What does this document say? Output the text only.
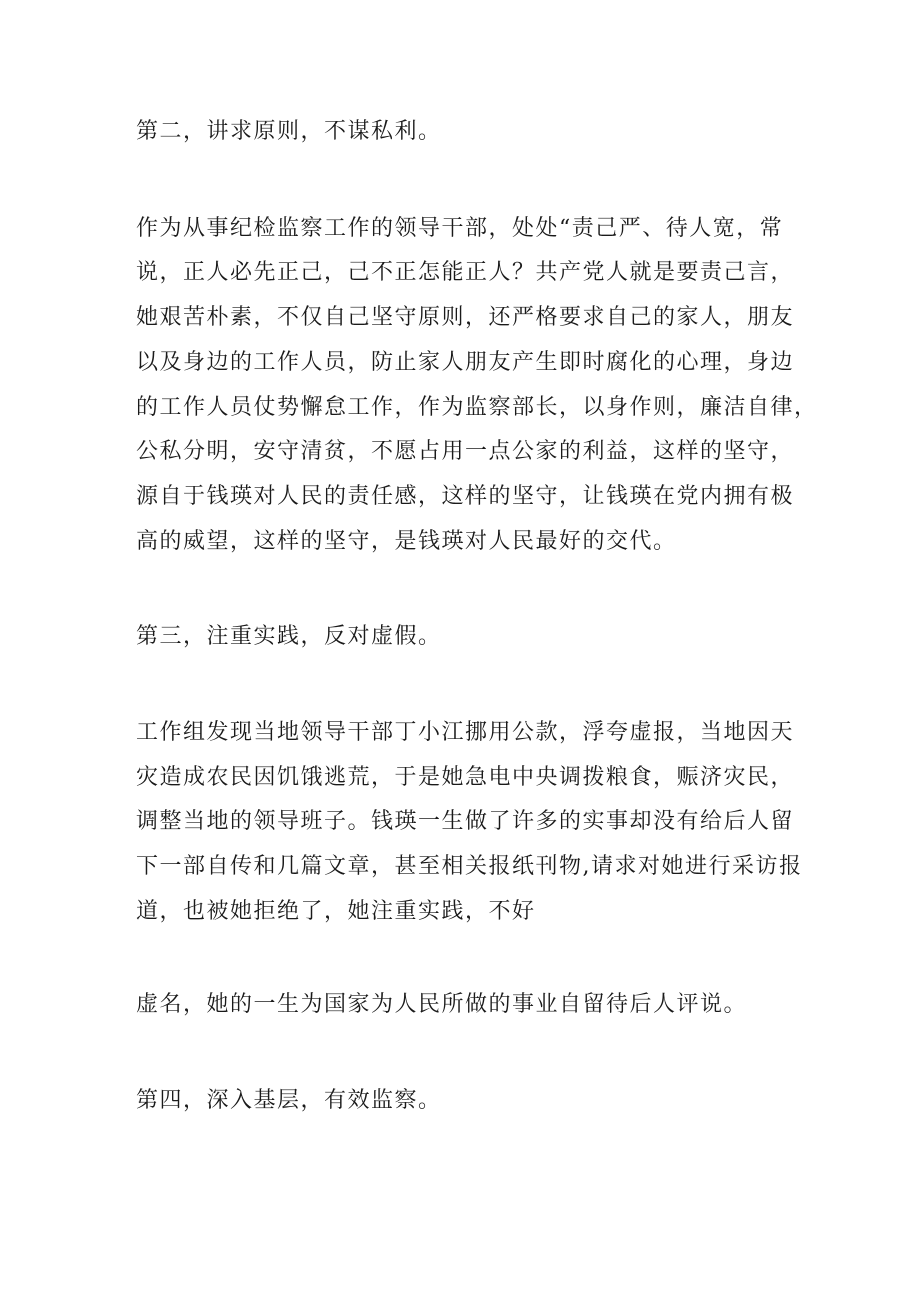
第二，讲求原则，不谋私利。
作为从事纪检监察工作的领导干部，处处“责己严、待人宽，常
说，正人必先正己，己不正怎能正人？共产党人就是要责己言，
她艰苦朴素，不仅自己坚守原则，还严格要求自己的家人，朋友
以及身边的工作人员，防止家人朋友产生即时腐化的心理，身边
的工作人员仗势懈怠工作，作为监察部长，以身作则，廉洁自律，
公私分明，安守清贫，不愿占用一点公家的利益，这样的坚守，
源自于钱瑛对人民的责任感，这样的坚守，让钱瑛在党内拥有极
高的威望，这样的坚守，是钱瑛对人民最好的交代。
第三，注重实践，反对虚假。
工作组发现当地领导干部丁小江挪用公款，浮夸虚报，当地因天
灾造成农民因饥饿逃荒，于是她急电中央调拨粮食，赈济灾民，
调整当地的领导班子。钱瑛一生做了许多的实事却没有给后人留
下一部自传和几篇文章，甚至相关报纸刊物,请求对她进行采访报
道，也被她拒绝了，她注重实践，不好
虚名，她的一生为国家为人民所做的事业自留待后人评说。
第四，深入基层，有效监察。
